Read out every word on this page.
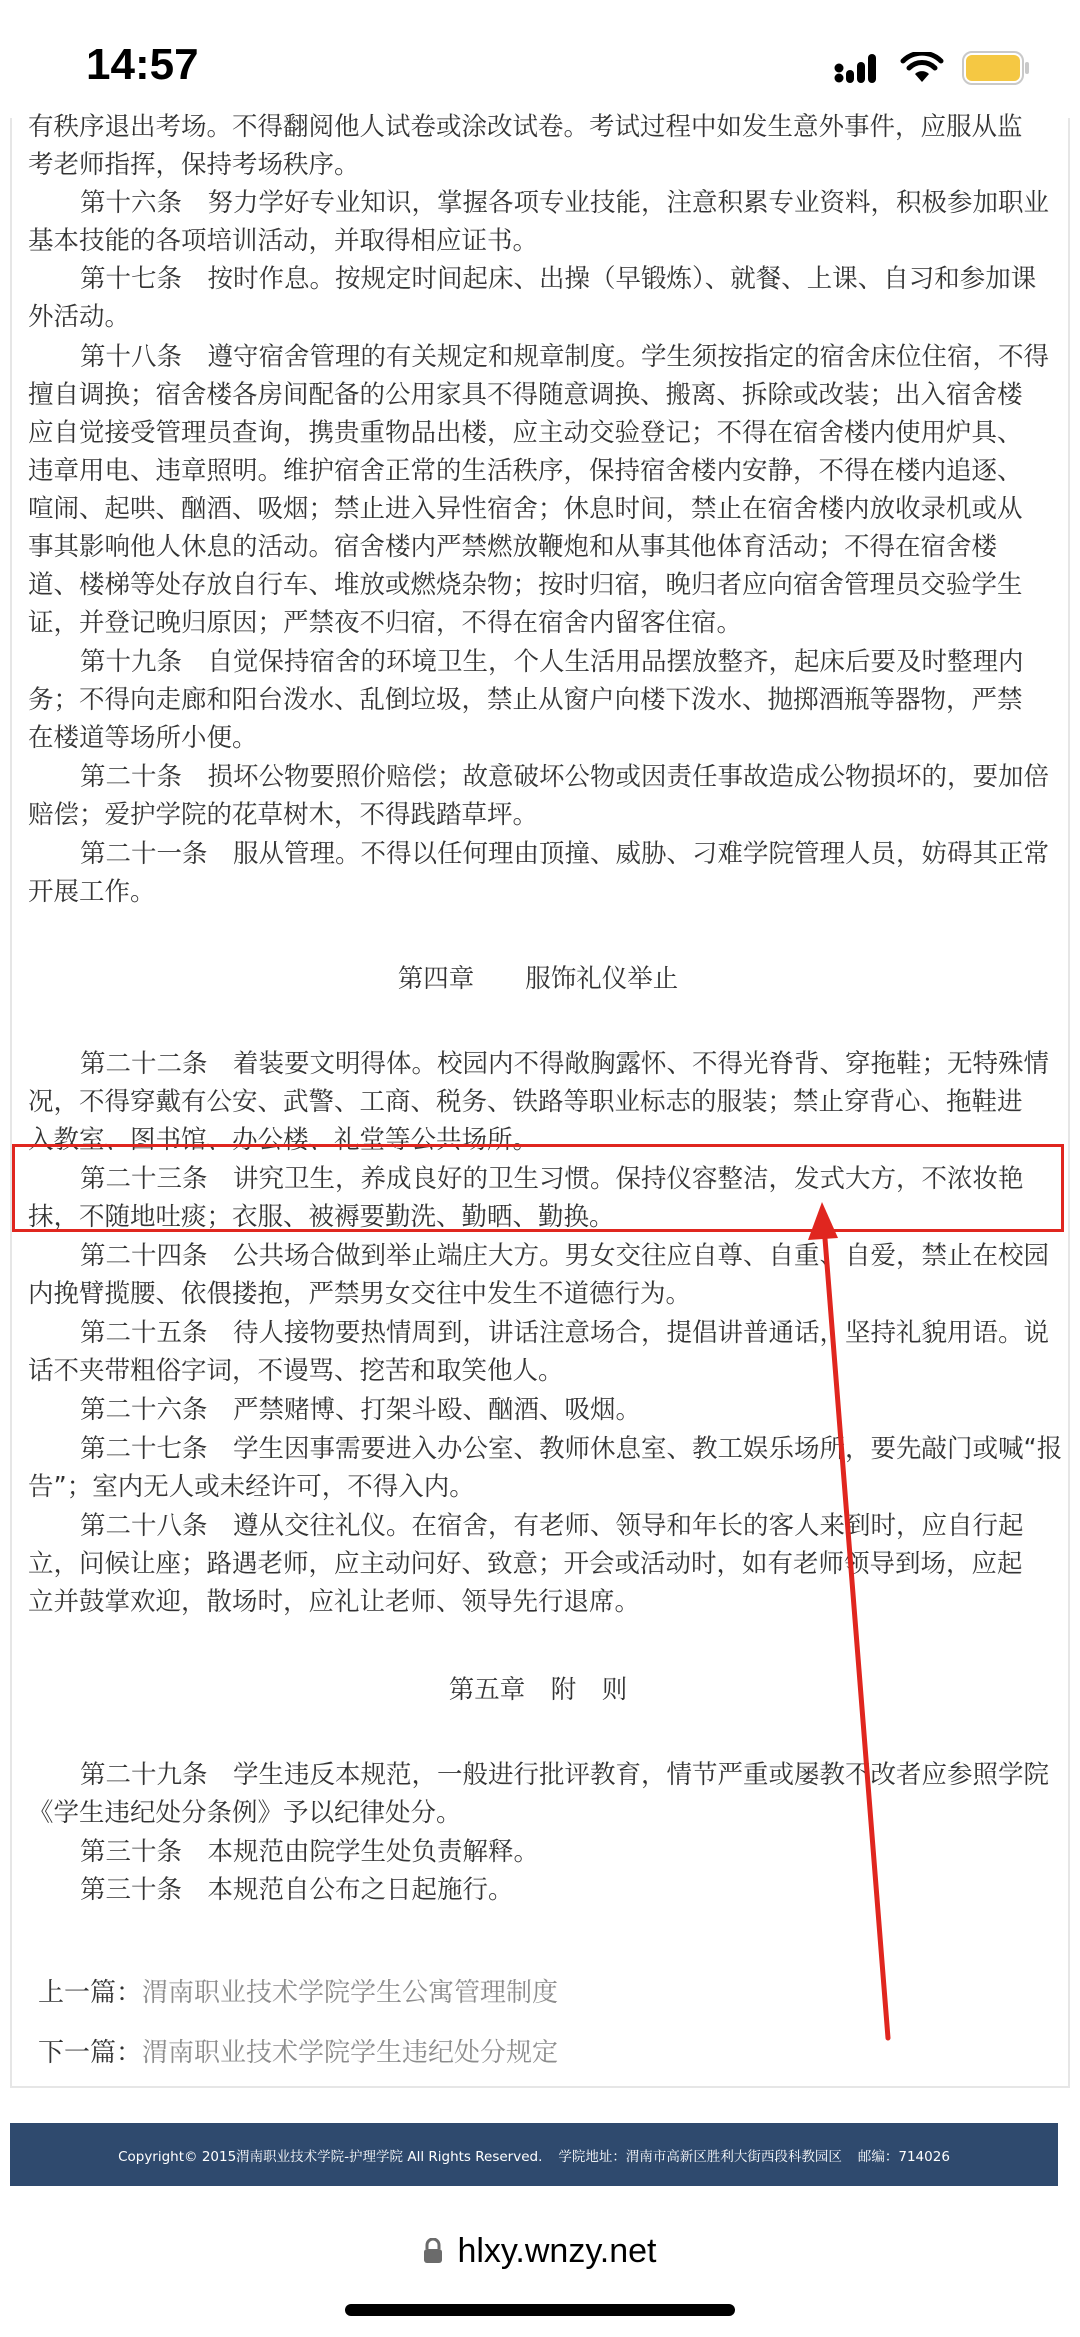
14:57
有秩序退出考场。不得翻阅他人试卷或涂改试卷。考试过程中如发生意外事件，应服从监
考老师指挥，保持考场秩序。
第十六条　努力学好专业知识，掌握各项专业技能，注意积累专业资料，积极参加职业
基本技能的各项培训活动，并取得相应证书。
第十七条　按时作息。按规定时间起床、出操（早锻炼）、就餐、上课、自习和参加课
外活动。
第十八条　遵守宿舍管理的有关规定和规章制度。学生须按指定的宿舍床位住宿，不得
擅自调换；宿舍楼各房间配备的公用家具不得随意调换、搬离、拆除或改装；出入宿舍楼
应自觉接受管理员查询，携贵重物品出楼，应主动交验登记；不得在宿舍楼内使用炉具、
违章用电、违章照明。维护宿舍正常的生活秩序，保持宿舍楼内安静，不得在楼内追逐、
喧闹、起哄、酗酒、吸烟；禁止进入异性宿舍；休息时间，禁止在宿舍楼内放收录机或从
事其影响他人休息的活动。宿舍楼内严禁燃放鞭炮和从事其他体育活动；不得在宿舍楼
道、楼梯等处存放自行车、堆放或燃烧杂物；按时归宿，晚归者应向宿舍管理员交验学生
证，并登记晚归原因；严禁夜不归宿，不得在宿舍内留客住宿。
第十九条　自觉保持宿舍的环境卫生，个人生活用品摆放整齐，起床后要及时整理内
务；不得向走廊和阳台泼水、乱倒垃圾，禁止从窗户向楼下泼水、抛掷酒瓶等器物，严禁
在楼道等场所小便。
第二十条　损坏公物要照价赔偿；故意破坏公物或因责任事故造成公物损坏的，要加倍
赔偿；爱护学院的花草树木，不得践踏草坪。
第二十一条　服从管理。不得以任何理由顶撞、威胁、刁难学院管理人员，妨碍其正常
开展工作。
第四章　　服饰礼仪举止
第二十二条　着装要文明得体。校园内不得敞胸露怀、不得光脊背、穿拖鞋；无特殊情
况，不得穿戴有公安、武警、工商、税务、铁路等职业标志的服装；禁止穿背心、拖鞋进
入教室、图书馆、办公楼、礼堂等公共场所。
第二十三条　讲究卫生，养成良好的卫生习惯。保持仪容整洁，发式大方，不浓妆艳
抹，不随地吐痰；衣服、被褥要勤洗、勤晒、勤换。
第二十四条　公共场合做到举止端庄大方。男女交往应自尊、自重、自爱，禁止在校园
内挽臂揽腰、依偎搂抱，严禁男女交往中发生不道德行为。
第二十五条　待人接物要热情周到，讲话注意场合，提倡讲普通话，坚持礼貌用语。说
话不夹带粗俗字词，不谩骂、挖苦和取笑他人。
第二十六条　严禁赌博、打架斗殴、酗酒、吸烟。
第二十七条　学生因事需要进入办公室、教师休息室、教工娱乐场所，要先敲门或喊“报
告”；室内无人或未经许可，不得入内。
第二十八条　遵从交往礼仪。在宿舍，有老师、领导和年长的客人来到时，应自行起
立，问候让座；路遇老师，应主动问好、致意；开会或活动时，如有老师领导到场，应起
立并鼓掌欢迎，散场时，应礼让老师、领导先行退席。
第五章　附　则
第二十九条　学生违反本规范，一般进行批评教育，情节严重或屡教不改者应参照学院
《学生违纪处分条例》予以纪律处分。
第三十条　本规范由院学生处负责解释。
第三十条　本规范自公布之日起施行。
上一篇：渭南职业技术学院学生公寓管理制度
下一篇：渭南职业技术学院学生违纪处分规定
Copyright© 2015渭南职业技术学院-护理学院 All Rights Reserved. 学院地址：渭南市高新区胜利大街西段科教园区 邮编：714026
hlxy.wnzy.net
